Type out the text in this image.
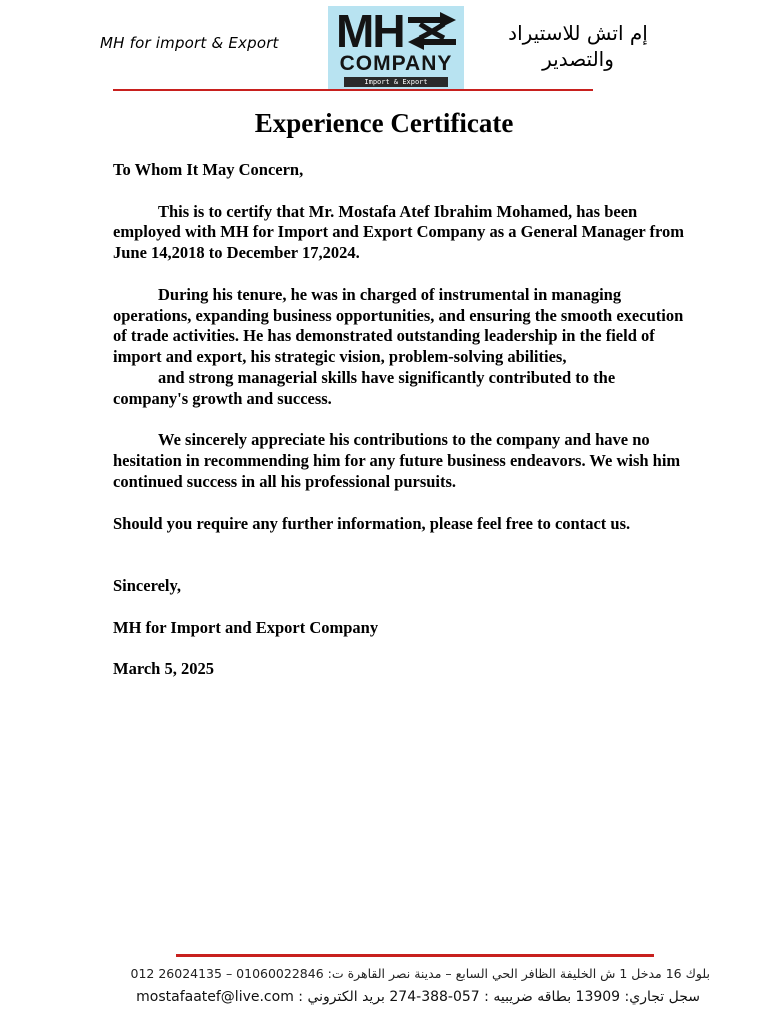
MH for import & Export MH
COMPANY
Import & Export
إم اتش للاستيراد
والتصدير
Experience Certificate

To Whom It May Concern,

This is to certify that Mr. Mostafa Atef Ibrahim Mohamed, has been employed with MH for Import and Export Company as a General Manager from June 14,2018 to December 17,2024.

During his tenure, he was in charged of instrumental in managing operations, expanding business opportunities, and ensuring the smooth execution of trade activities. He has demonstrated outstanding leadership in the field of import and export, his strategic vision, problem-solving abilities,
and strong managerial skills have significantly contributed to the company's growth and success.

We sincerely appreciate his contributions to the company and have no hesitation in recommending him for any future business endeavors. We wish him continued success in all his professional pursuits.

Should you require any further information, please feel free to contact us.

Sincerely,

MH for Import and Export Company

March 5, 2025

بلوك 16 مدخل 1 ش الخليفة الظافر الحي السابع – مدينة نصر القاهرة ت: 01060022846 – 26024135 012
سجل تجاري: 13909 بطاقه ضريبيه : 057-388-274 بريد الكتروني : mostafaatef@live.com
